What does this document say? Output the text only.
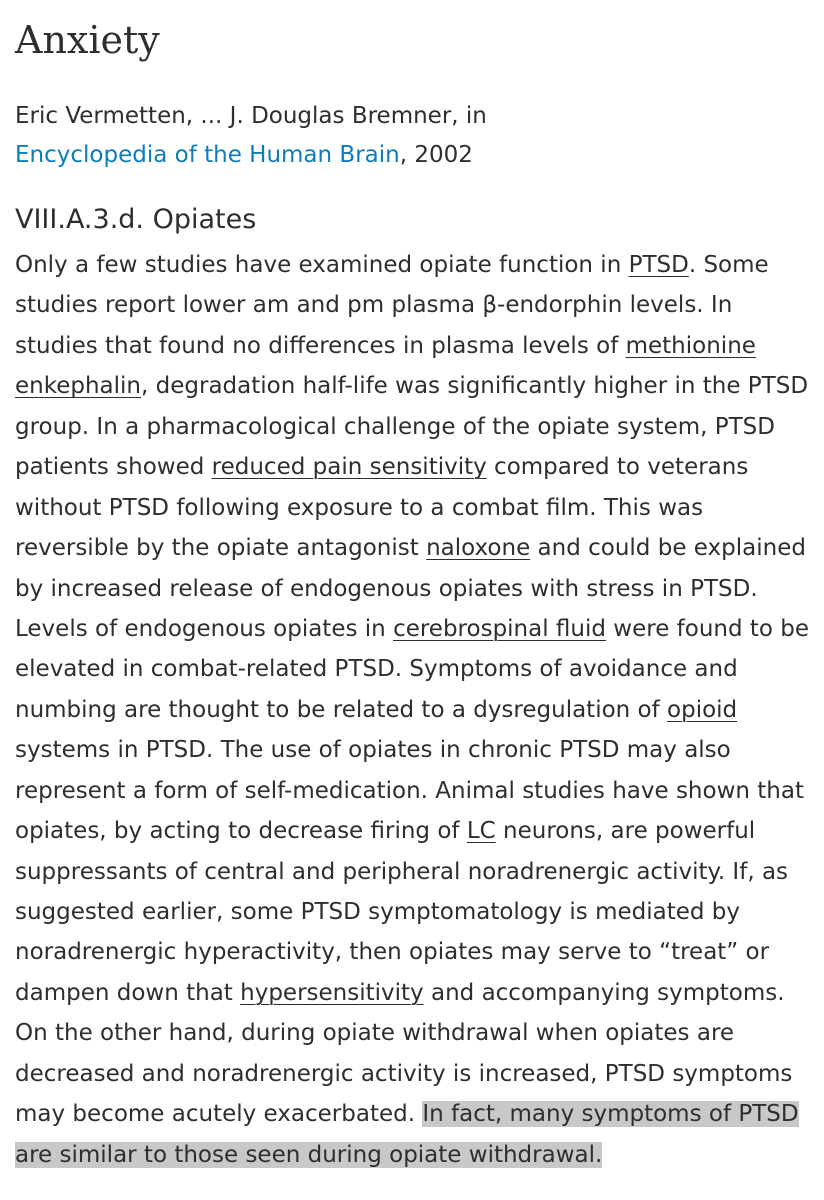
Anxiety
Eric Vermetten, ... J. Douglas Bremner, in
Encyclopedia of the Human Brain, 2002
VIII.A.3.d. Opiates
Only a few studies have examined opiate function in PTSD. Some
studies report lower am and pm plasma β-endorphin levels. In
studies that found no differences in plasma levels of methionine
enkephalin, degradation half-life was significantly higher in the PTSD
group. In a pharmacological challenge of the opiate system, PTSD
patients showed reduced pain sensitivity compared to veterans
without PTSD following exposure to a combat film. This was
reversible by the opiate antagonist naloxone and could be explained
by increased release of endogenous opiates with stress in PTSD.
Levels of endogenous opiates in cerebrospinal fluid were found to be
elevated in combat-related PTSD. Symptoms of avoidance and
numbing are thought to be related to a dysregulation of opioid
systems in PTSD. The use of opiates in chronic PTSD may also
represent a form of self-medication. Animal studies have shown that
opiates, by acting to decrease firing of LC neurons, are powerful
suppressants of central and peripheral noradrenergic activity. If, as
suggested earlier, some PTSD symptomatology is mediated by
noradrenergic hyperactivity, then opiates may serve to “treat” or
dampen down that hypersensitivity and accompanying symptoms.
On the other hand, during opiate withdrawal when opiates are
decreased and noradrenergic activity is increased, PTSD symptoms
may become acutely exacerbated. In fact, many symptoms of PTSD
are similar to those seen during opiate withdrawal.
